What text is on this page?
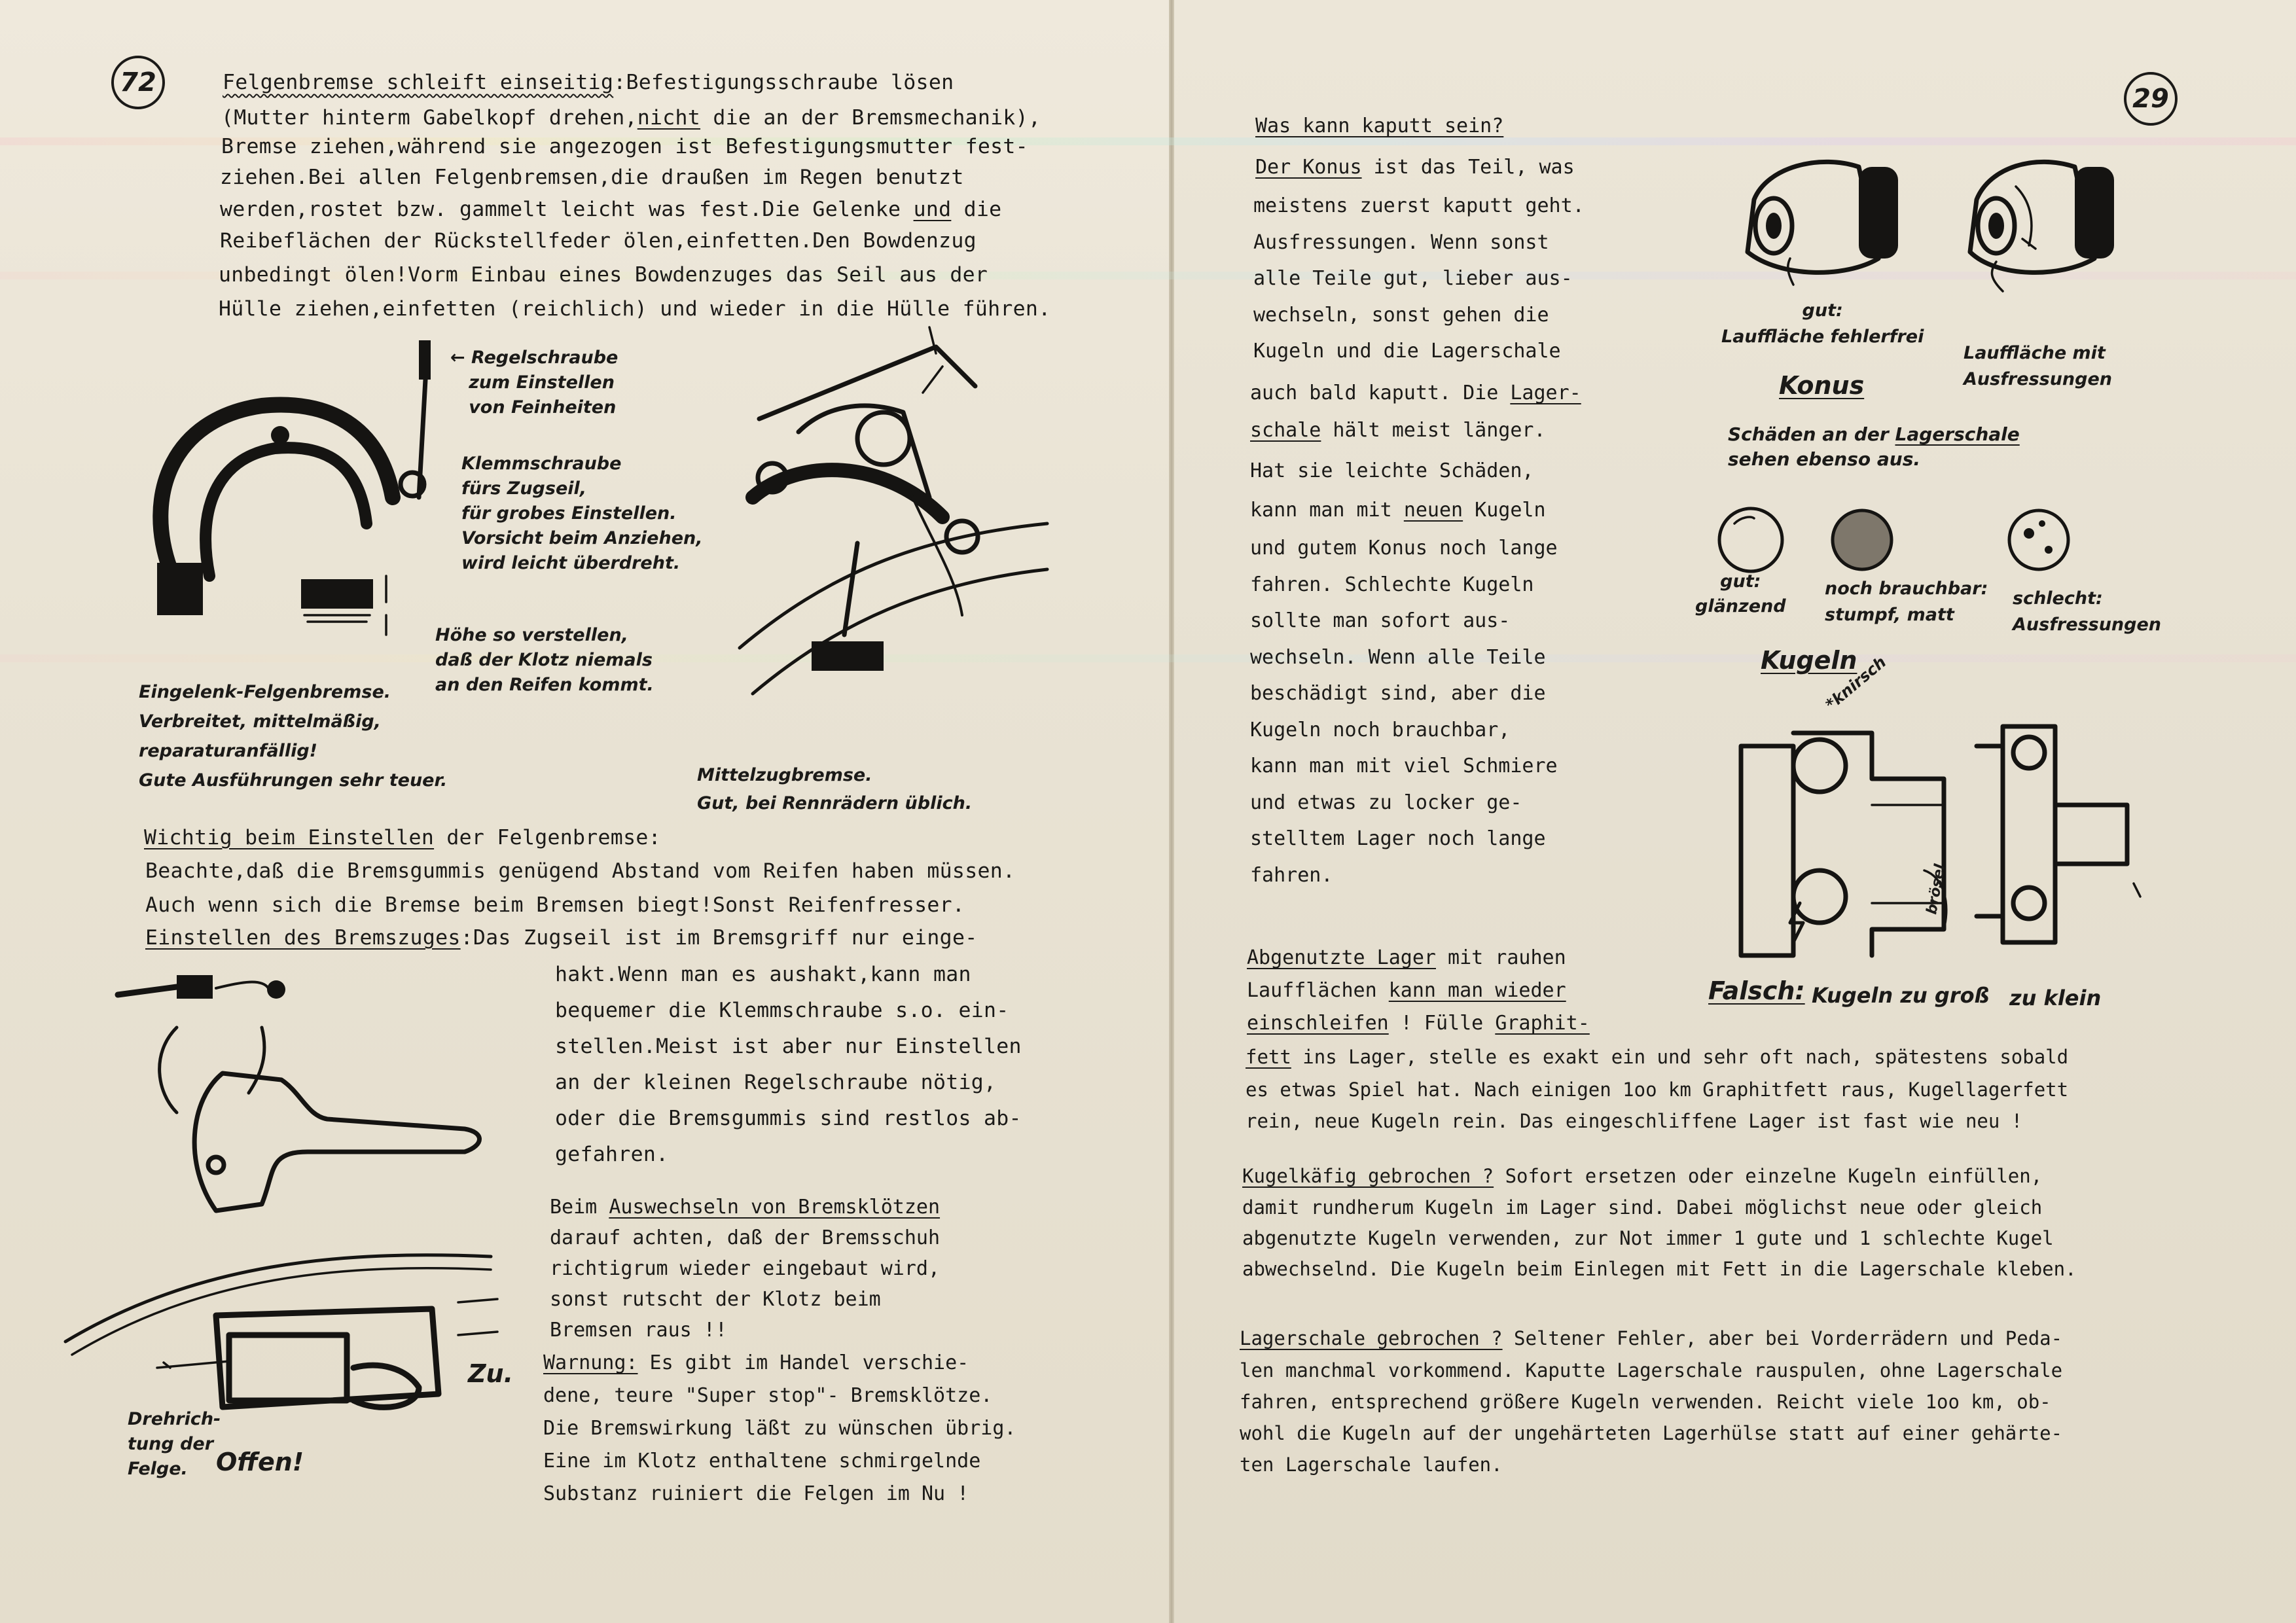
72	Felgenbremse schleift einseitig:Befestigungsschraube lösen
(Mutter hinterm Gabelkopf drehen,nicht die an der Bremsmechanik),
Bremse ziehen,während sie angezogen ist Befestigungsmutter fest-
ziehen.Bei allen Felgenbremsen,die draußen im Regen benutzt
werden,rostet bzw. gammelt leicht was fest.Die Gelenke und die
Reibeflächen der Rückstellfeder ölen,einfetten.Den Bowdenzug
unbedingt ölen!Vorm Einbau eines Bowdenzuges das Seil aus der
Hülle ziehen,einfetten (reichlich) und wieder in die Hülle führen.
← Regelschraube
zum Einstellen
von Feinheiten
Klemmschraube
fürs Zugseil,
für grobes Einstellen.
Vorsicht beim Anziehen,
wird leicht überdreht.
Höhe so verstellen,
daß der Klotz niemals
an den Reifen kommt.
Eingelenk-Felgenbremse.
Verbreitet, mittelmäßig,
reparaturanfällig!
Gute Ausführungen sehr teuer.	Mittelzugbremse.
Gut, bei Rennrädern üblich.
Wichtig beim Einstellen der Felgenbremse:
Beachte,daß die Bremsgummis genügend Abstand vom Reifen haben müssen.
Auch wenn sich die Bremse beim Bremsen biegt!Sonst Reifenfresser.
Einstellen des Bremszuges:Das Zugseil ist im Bremsgriff nur einge-
hakt.Wenn man es aushakt,kann man
bequemer die Klemmschraube s.o. ein-
stellen.Meist ist aber nur Einstellen
an der kleinen Regelschraube nötig,
oder die Bremsgummis sind restlos ab-
gefahren.
Beim Auswechseln von Bremsklötzen
darauf achten, daß der Bremsschuh
richtigrum wieder eingebaut wird,
sonst rutscht der Klotz beim
Bremsen raus !!
Warnung: Es gibt im Handel verschie-
dene, teure "Super stop"- Bremsklötze.
Die Bremswirkung läßt zu wünschen übrig.
Eine im Klotz enthaltene schmirgelnde
Substanz ruiniert die Felgen im Nu !
Zu.
Drehrich-
tung der
Felge.	Offen!
29
Was kann kaputt sein?
Der Konus ist das Teil, was
meistens zuerst kaputt geht.
Ausfressungen. Wenn sonst
alle Teile gut, lieber aus-
wechseln, sonst gehen die
Kugeln und die Lagerschale
auch bald kaputt. Die Lager-
schale hält meist länger.
Hat sie leichte Schäden,
kann man mit neuen Kugeln
und gutem Konus noch lange
fahren. Schlechte Kugeln
sollte man sofort aus-
wechseln. Wenn alle Teile
beschädigt sind, aber die
Kugeln noch brauchbar,
kann man mit viel Schmiere
und etwas zu locker ge-
stelltem Lager noch lange
fahren.
gut:
Lauffläche fehlerfrei
Lauffläche mit
Ausfressungen
Konus
Schäden an der Lagerschale
sehen ebenso aus.
gut:
glänzend
noch brauchbar:
stumpf, matt
schlecht:
Ausfressungen
Kugeln
*knirsch
brösel
Falsch: Kugeln zu groß zu klein
Abgenutzte Lager mit rauhen
Laufflächen kann man wieder
einschleifen ! Fülle Graphit-
fett ins Lager, stelle es exakt ein und sehr oft nach, spätestens sobald
es etwas Spiel hat. Nach einigen 1oo km Graphitfett raus, Kugellagerfett
rein, neue Kugeln rein. Das eingeschliffene Lager ist fast wie neu !
Kugelkäfig gebrochen ? Sofort ersetzen oder einzelne Kugeln einfüllen,
damit rundherum Kugeln im Lager sind. Dabei möglichst neue oder gleich
abgenutzte Kugeln verwenden, zur Not immer 1 gute und 1 schlechte Kugel
abwechselnd. Die Kugeln beim Einlegen mit Fett in die Lagerschale kleben.
Lagerschale gebrochen ? Seltener Fehler, aber bei Vorderrädern und Peda-
len manchmal vorkommend. Kaputte Lagerschale rauspulen, ohne Lagerschale
fahren, entsprechend größere Kugeln verwenden. Reicht viele 1oo km, ob-
wohl die Kugeln auf der ungehärteten Lagerhülse statt auf einer gehärte-
ten Lagerschale laufen.
